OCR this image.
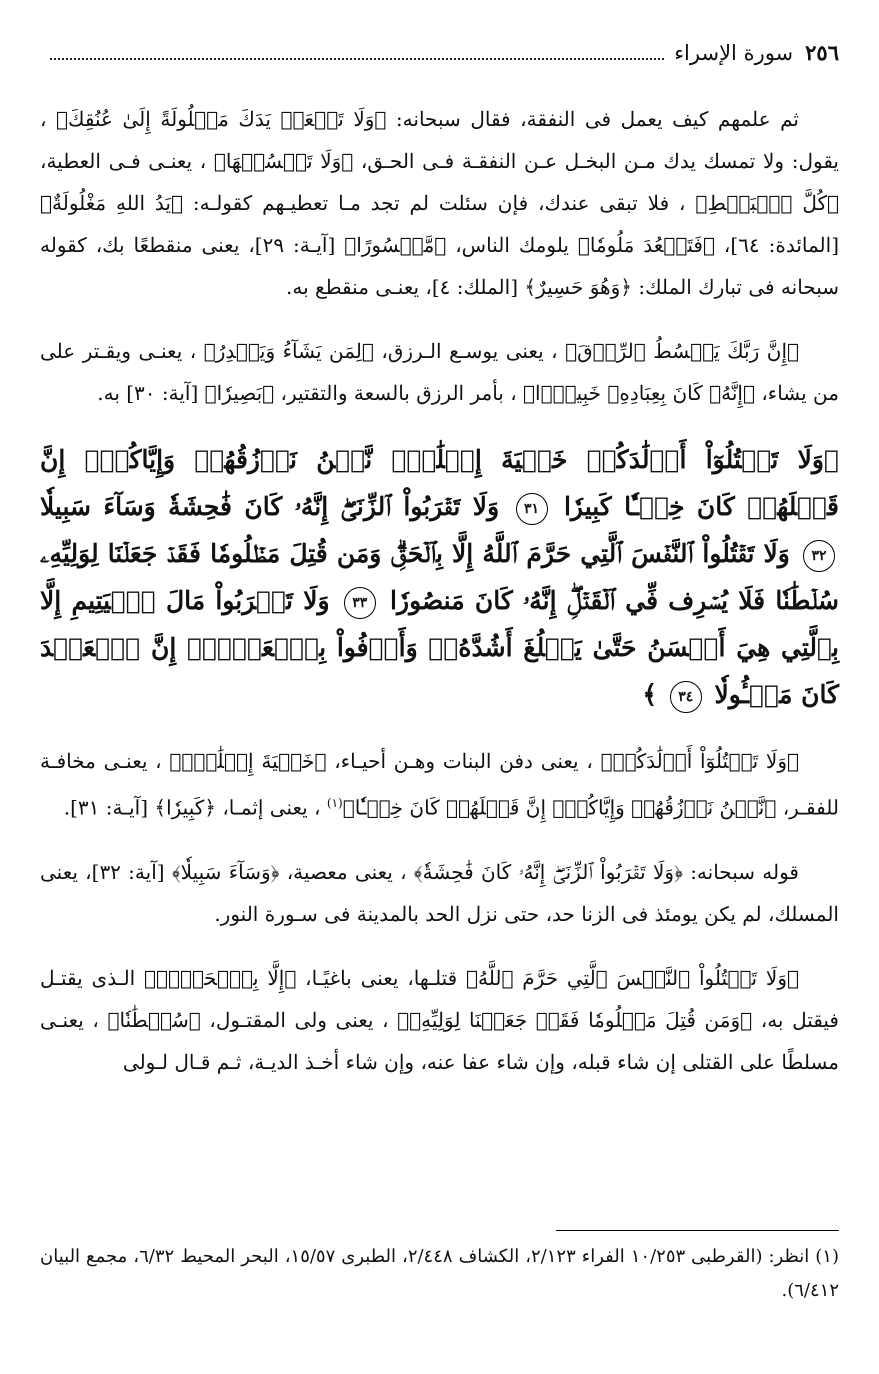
٢٥٦
سورة الإسراء

ثم علمهم كيف يعمل فى النفقة، فقال سبحانه: ﴿وَلَا تَجۡعَلۡ يَدَكَ مَغۡلُولَةً إِلَىٰ عُنُقِكَ﴾ ، يقول: ولا تمسك يدك مـن البخـل عـن النفقـة فـى الحـق، ﴿وَلَا تَبۡسُطۡهَا﴾ ، يعنـى فـى العطية، ﴿كُلَّ ٱلۡبَسۡطِ﴾ ، فلا تبقى عندك، فإن سئلت لم تجد مـا تعطيـهم كقولـه: ﴿يَدُ اللهِ مَغْلُولَةٌ﴾ [المائدة: ٦٤]، ﴿فَتَقۡعُدَ مَلُومٗا﴾ يلومك الناس، ﴿مَّحۡسُورًا﴾ [آيـة: ٢٩]، يعنى منقطعًا بك، كقوله سبحانه فى تبارك الملك: ﴿وَهُوَ حَسِيرٌ﴾ [الملك: ٤]، يعنـى منقطع به.

﴿إِنَّ رَبَّكَ يَبۡسُطُ ٱلرِّزۡقَ﴾ ، يعنى يوسـع الـرزق، ﴿لِمَن يَشَآءُ وَيَقۡدِرُ﴾ ، يعنـى ويقـتر على من يشاء، ﴿إِنَّهُۥ كَانَ بِعِبَادِهِۦ خَبِيرَۢا﴾ ، بأمر الرزق بالسعة والتقتير، ﴿بَصِيرٗا﴾ [آية: ٣٠] به.

﴿وَلَا تَقۡتُلُوٓاْ أَوۡلَٰدَكُمۡ خَشۡيَةَ إِمۡلَٰقٖۖ نَّحۡنُ نَرۡزُقُهُمۡ وَإِيَّاكُمۡۚ إِنَّ قَتۡلَهُمۡ كَانَ خِطۡـٔٗا كَبِيرٗا ٣١ وَلَا تَقۡرَبُواْ ٱلزِّنَىٰٓۖ إِنَّهُۥ كَانَ فَٰحِشَةٗ وَسَآءَ سَبِيلٗا ٣٢ وَلَا تَقۡتُلُواْ ٱلنَّفۡسَ ٱلَّتِي حَرَّمَ ٱللَّهُ إِلَّا بِٱلۡحَقِّۗ وَمَن قُتِلَ مَظۡلُومٗا فَقَدۡ جَعَلۡنَا لِوَلِيِّهِۦ سُلۡطَٰنٗا فَلَا يُسۡرِف فِّي ٱلۡقَتۡلِۖ إِنَّهُۥ كَانَ مَنصُورٗا ٣٣ وَلَا تَقۡرَبُواْ مَالَ ٱلۡيَتِيمِ إِلَّا بِٱلَّتِي هِيَ أَحۡسَنُ حَتَّىٰ يَبۡلُغَ أَشُدَّهُۥۚ وَأَوۡفُواْ بِٱلۡعَهۡدِۖ إِنَّ ٱلۡعَهۡدَ كَانَ مَسۡـُٔولٗا ٣٤ ﴾

﴿وَلَا تَقۡتُلُوٓاْ أَوۡلَٰدَكُمۡ﴾ ، يعنى دفن البنات وهـن أحيـاء، ﴿خَشۡيَةَ إِمۡلَٰقٖۖ﴾ ، يعنـى مخافـة للفقـر، ﴿نَّحۡنُ نَرۡزُقُهُمۡ وَإِيَّاكُمۡۚ إِنَّ قَتۡلَهُمۡ كَانَ خِطۡـٔٗا﴾$^{(١)}$ ، يعنى إثمـا، ﴿كَبِيرٗا﴾ [آيـة: ٣١].

قوله سبحانه: ﴿وَلَا تَقۡرَبُواْ ٱلزِّنَىٰٓۖ إِنَّهُۥ كَانَ فَٰحِشَةٗ﴾ ، يعنى معصية، ﴿وَسَآءَ سَبِيلٗا﴾ [آية: ٣٢]، يعنى المسلك، لم يكن يومئذ فى الزنا حد، حتى نزل الحد بالمدينة فى سـورة النور.

﴿وَلَا تَقۡتُلُواْ ٱلنَّفۡسَ ٱلَّتِي حَرَّمَ ٱللَّهُ﴾ قتلـها، يعنى باغيًـا، ﴿إِلَّا بِٱلۡحَقِّۗ﴾ الـذى يقتـل فيقتل به، ﴿وَمَن قُتِلَ مَظۡلُومٗا فَقَدۡ جَعَلۡنَا لِوَلِيِّهِۦ﴾ ، يعنى ولى المقتـول، ﴿سُلۡطَٰنٗا﴾ ، يعنـى مسلطًا على القتلى إن شاء قبله، وإن شاء عفا عنه، وإن شاء أخـذ الديـة، ثـم قـال لـولى

(١) انظر: (القرطبى ١٠/٢٥٣ الفراء ٢/١٢٣، الكشاف ٢/٤٤٨، الطبرى ١٥/٥٧، البحر المحيط ٦/٣٢، مجمع البيان ٦/٤١٢).
